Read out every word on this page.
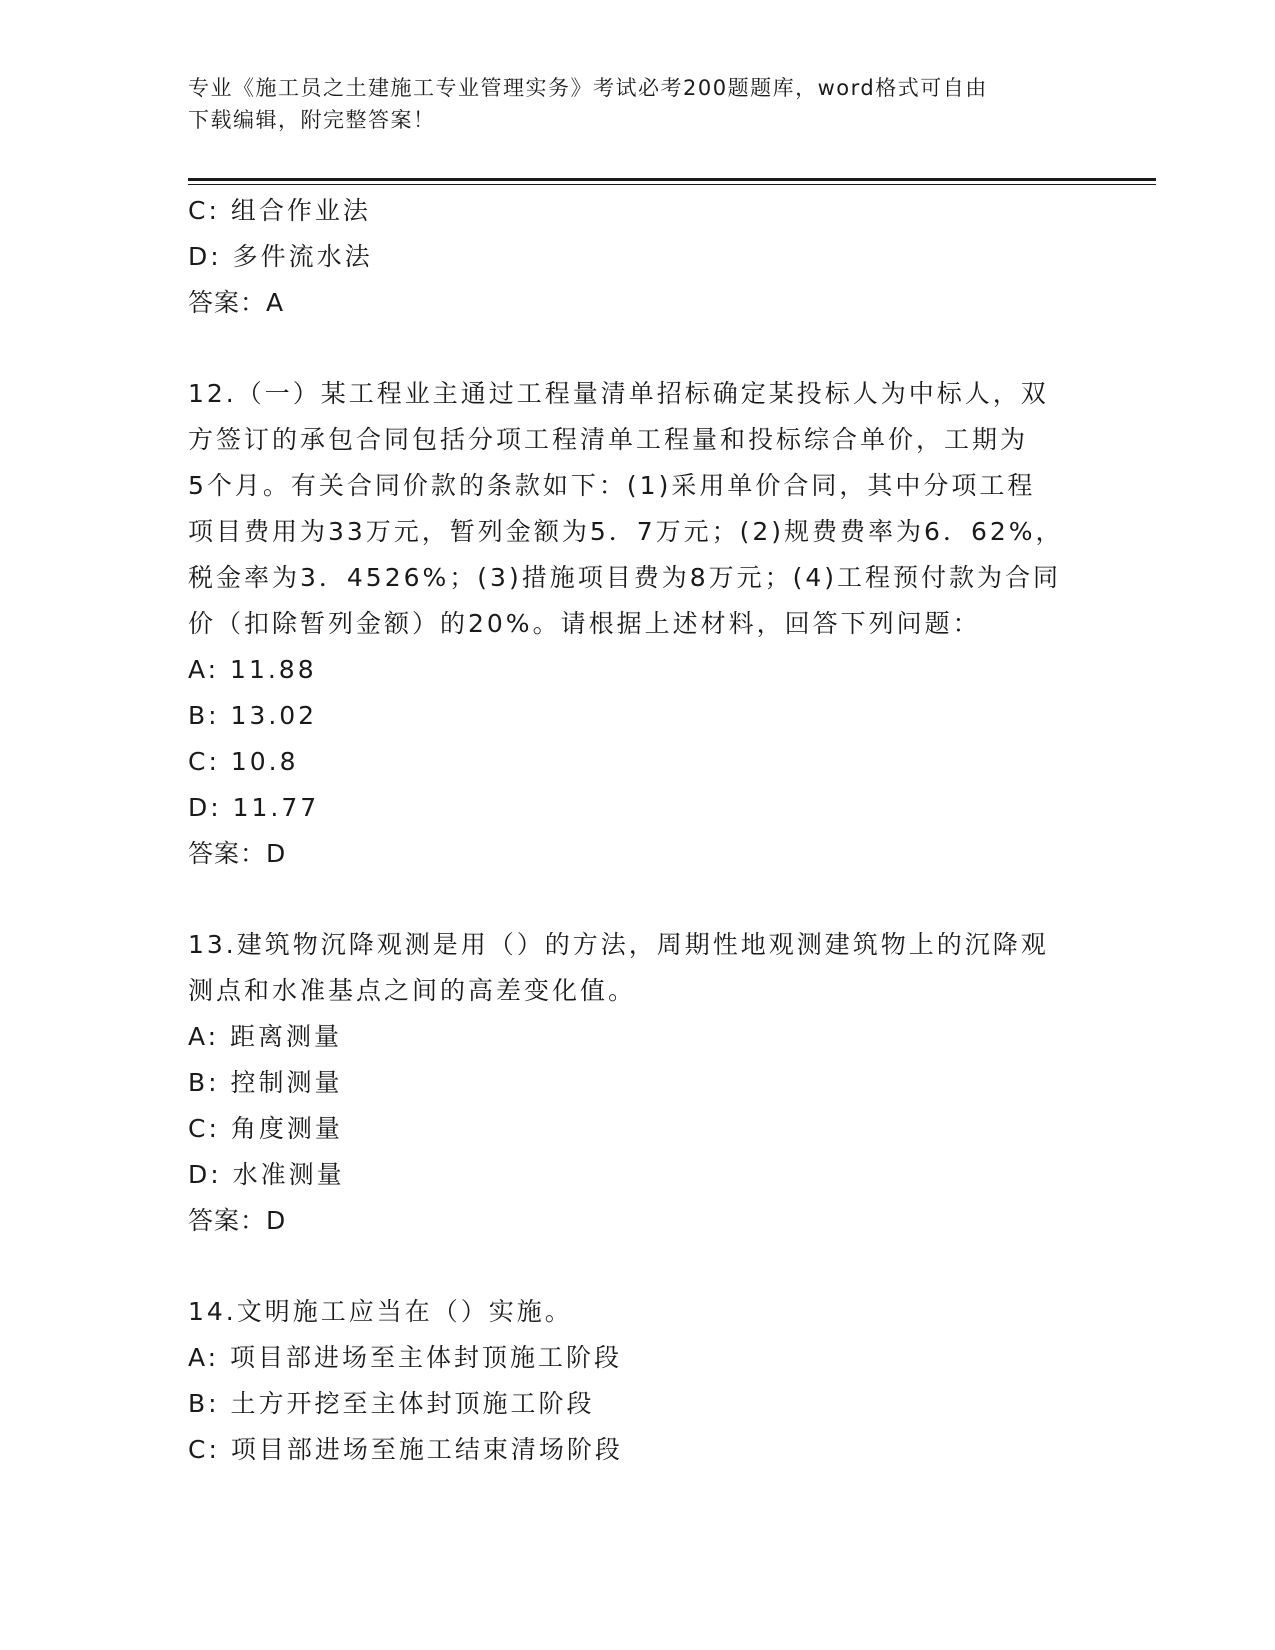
专业《施工员之土建施工专业管理实务》考试必考200题题库，word格式可自由
下载编辑，附完整答案！
C: 组合作业法
D: 多件流水法
答案：A
12.（一）某工程业主通过工程量清单招标确定某投标人为中标人，双
方签订的承包合同包括分项工程清单工程量和投标综合单价，工期为
5个月。有关合同价款的条款如下：(1)采用单价合同，其中分项工程
项目费用为33万元，暂列金额为5．7万元；(2)规费费率为6．62%，
税金率为3．4526%；(3)措施项目费为8万元；(4)工程预付款为合同
价（扣除暂列金额）的20%。请根据上述材料，回答下列问题：
A: 11.88
B: 13.02
C: 10.8
D: 11.77
答案：D
13.建筑物沉降观测是用（）的方法，周期性地观测建筑物上的沉降观
测点和水准基点之间的高差变化值。
A: 距离测量
B: 控制测量
C: 角度测量
D: 水准测量
答案：D
14.文明施工应当在（）实施。
A: 项目部进场至主体封顶施工阶段
B: 土方开挖至主体封顶施工阶段
C: 项目部进场至施工结束清场阶段
